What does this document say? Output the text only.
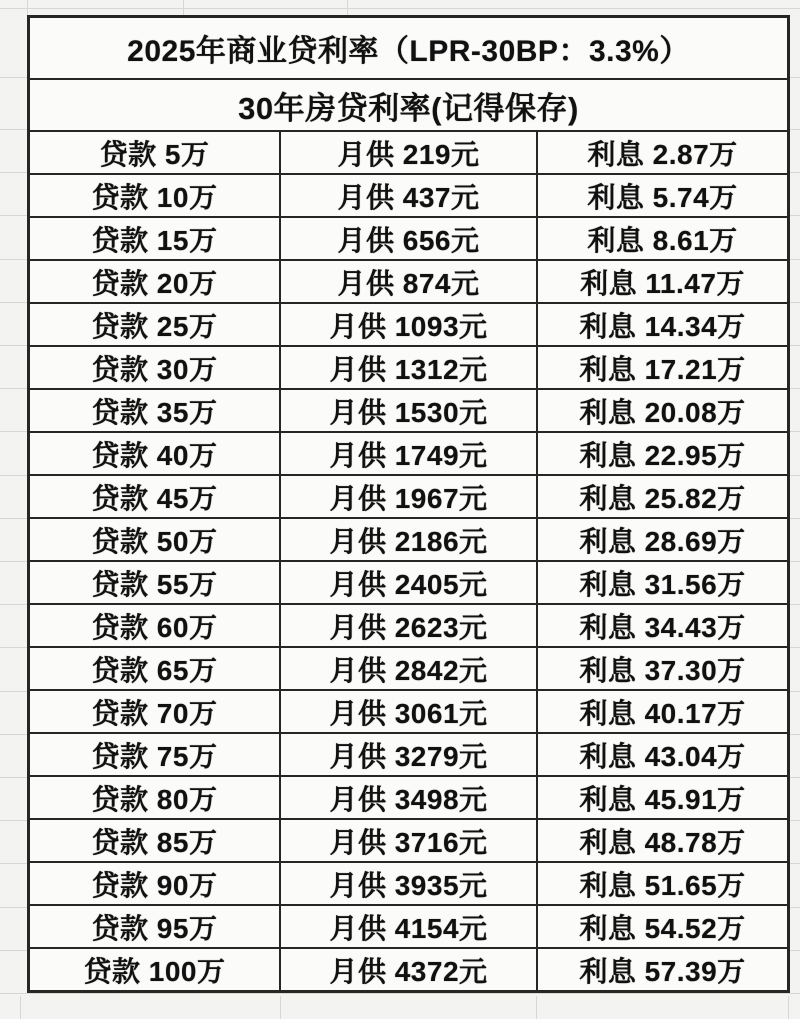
2025年商业贷利率（LPR-30BP：3.3%）
30年房贷利率(记得保存)
贷款 5万	月供 219元	利息 2.87万
贷款 10万	月供 437元	利息 5.74万
贷款 15万	月供 656元	利息 8.61万
贷款 20万	月供 874元	利息 11.47万
贷款 25万	月供 1093元	利息 14.34万
贷款 30万	月供 1312元	利息 17.21万
贷款 35万	月供 1530元	利息 20.08万
贷款 40万	月供 1749元	利息 22.95万
贷款 45万	月供 1967元	利息 25.82万
贷款 50万	月供 2186元	利息 28.69万
贷款 55万	月供 2405元	利息 31.56万
贷款 60万	月供 2623元	利息 34.43万
贷款 65万	月供 2842元	利息 37.30万
贷款 70万	月供 3061元	利息 40.17万
贷款 75万	月供 3279元	利息 43.04万
贷款 80万	月供 3498元	利息 45.91万
贷款 85万	月供 3716元	利息 48.78万
贷款 90万	月供 3935元	利息 51.65万
贷款 95万	月供 4154元	利息 54.52万
贷款 100万	月供 4372元	利息 57.39万
